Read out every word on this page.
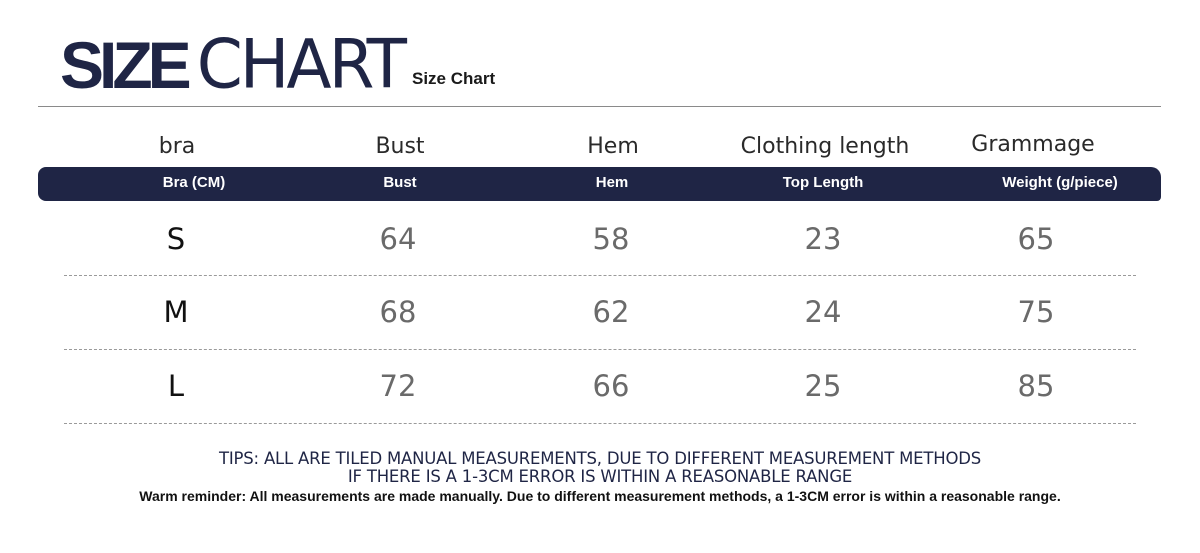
SIZE CHART Size Chart
bra	Bust	Hem	Clothing length	Grammage
Bra (CM)	Bust	Hem	Top Length	Weight (g/piece)
S	64	58	23	65
M	68	62	24	75
L	72	66	25	85
TIPS: ALL ARE TILED MANUAL MEASUREMENTS, DUE TO DIFFERENT MEASUREMENT METHODS
IF THERE IS A 1-3CM ERROR IS WITHIN A REASONABLE RANGE
Warm reminder: All measurements are made manually. Due to different measurement methods, a 1-3CM error is within a reasonable range.
